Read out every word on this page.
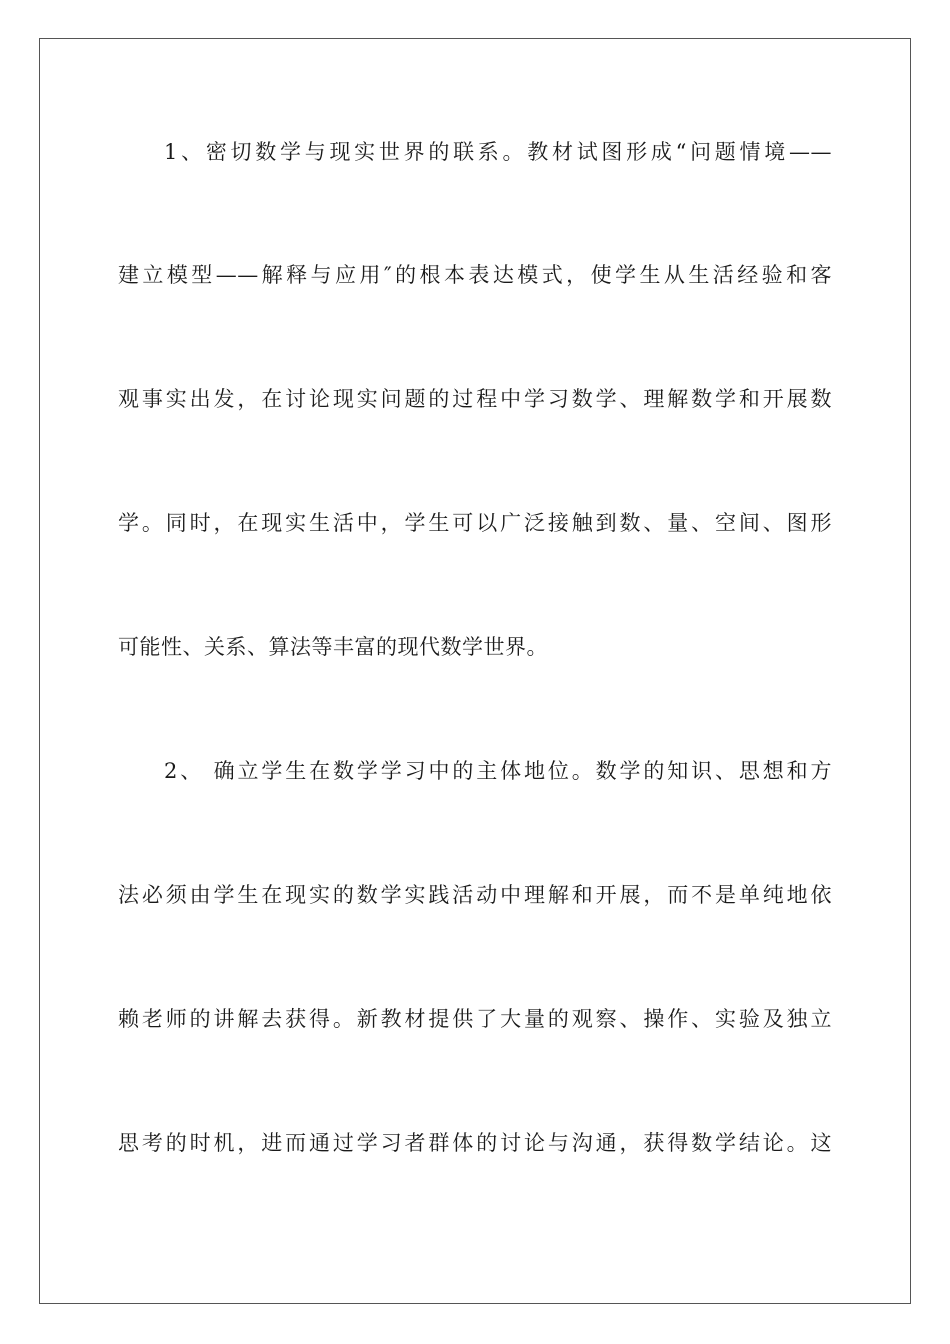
1、密切数学与现实世界的联系。教材试图形成“问题情境——
建立模型——解释与应用″的根本表达模式，使学生从生活经验和客
观事实出发，在讨论现实问题的过程中学习数学、理解数学和开展数
学。同时，在现实生活中，学生可以广泛接触到数、量、空间、图形
可能性、关系、算法等丰富的现代数学世界。
2、 确立学生在数学学习中的主体地位。数学的知识、思想和方
法必须由学生在现实的数学实践活动中理解和开展，而不是单纯地依
赖老师的讲解去获得。新教材提供了大量的观察、操作、实验及独立
思考的时机，进而通过学习者群体的讨论与沟通，获得数学结论。这
